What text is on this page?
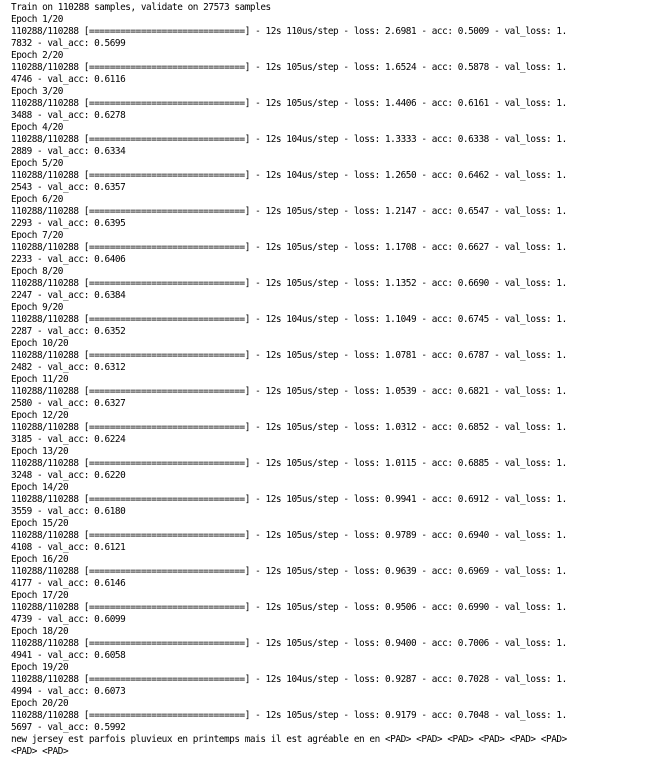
Train on 110288 samples, validate on 27573 samples
Epoch 1/20
110288/110288 [==============================] - 12s 110us/step - loss: 2.6981 - acc: 0.5009 - val_loss: 1.
7832 - val_acc: 0.5699
Epoch 2/20
110288/110288 [==============================] - 12s 105us/step - loss: 1.6524 - acc: 0.5878 - val_loss: 1.
4746 - val_acc: 0.6116
Epoch 3/20
110288/110288 [==============================] - 12s 105us/step - loss: 1.4406 - acc: 0.6161 - val_loss: 1.
3488 - val_acc: 0.6278
Epoch 4/20
110288/110288 [==============================] - 12s 104us/step - loss: 1.3333 - acc: 0.6338 - val_loss: 1.
2889 - val_acc: 0.6334
Epoch 5/20
110288/110288 [==============================] - 12s 104us/step - loss: 1.2650 - acc: 0.6462 - val_loss: 1.
2543 - val_acc: 0.6357
Epoch 6/20
110288/110288 [==============================] - 12s 105us/step - loss: 1.2147 - acc: 0.6547 - val_loss: 1.
2293 - val_acc: 0.6395
Epoch 7/20
110288/110288 [==============================] - 12s 105us/step - loss: 1.1708 - acc: 0.6627 - val_loss: 1.
2233 - val_acc: 0.6406
Epoch 8/20
110288/110288 [==============================] - 12s 105us/step - loss: 1.1352 - acc: 0.6690 - val_loss: 1.
2247 - val_acc: 0.6384
Epoch 9/20
110288/110288 [==============================] - 12s 104us/step - loss: 1.1049 - acc: 0.6745 - val_loss: 1.
2287 - val_acc: 0.6352
Epoch 10/20
110288/110288 [==============================] - 12s 105us/step - loss: 1.0781 - acc: 0.6787 - val_loss: 1.
2482 - val_acc: 0.6312
Epoch 11/20
110288/110288 [==============================] - 12s 105us/step - loss: 1.0539 - acc: 0.6821 - val_loss: 1.
2580 - val_acc: 0.6327
Epoch 12/20
110288/110288 [==============================] - 12s 105us/step - loss: 1.0312 - acc: 0.6852 - val_loss: 1.
3185 - val_acc: 0.6224
Epoch 13/20
110288/110288 [==============================] - 12s 105us/step - loss: 1.0115 - acc: 0.6885 - val_loss: 1.
3248 - val_acc: 0.6220
Epoch 14/20
110288/110288 [==============================] - 12s 105us/step - loss: 0.9941 - acc: 0.6912 - val_loss: 1.
3559 - val_acc: 0.6180
Epoch 15/20
110288/110288 [==============================] - 12s 105us/step - loss: 0.9789 - acc: 0.6940 - val_loss: 1.
4108 - val_acc: 0.6121
Epoch 16/20
110288/110288 [==============================] - 12s 105us/step - loss: 0.9639 - acc: 0.6969 - val_loss: 1.
4177 - val_acc: 0.6146
Epoch 17/20
110288/110288 [==============================] - 12s 105us/step - loss: 0.9506 - acc: 0.6990 - val_loss: 1.
4739 - val_acc: 0.6099
Epoch 18/20
110288/110288 [==============================] - 12s 105us/step - loss: 0.9400 - acc: 0.7006 - val_loss: 1.
4941 - val_acc: 0.6058
Epoch 19/20
110288/110288 [==============================] - 12s 104us/step - loss: 0.9287 - acc: 0.7028 - val_loss: 1.
4994 - val_acc: 0.6073
Epoch 20/20
110288/110288 [==============================] - 12s 105us/step - loss: 0.9179 - acc: 0.7048 - val_loss: 1.
5697 - val_acc: 0.5992
new jersey est parfois pluvieux en printemps mais il est agréable en en <PAD> <PAD> <PAD> <PAD> <PAD> <PAD>
<PAD> <PAD>
